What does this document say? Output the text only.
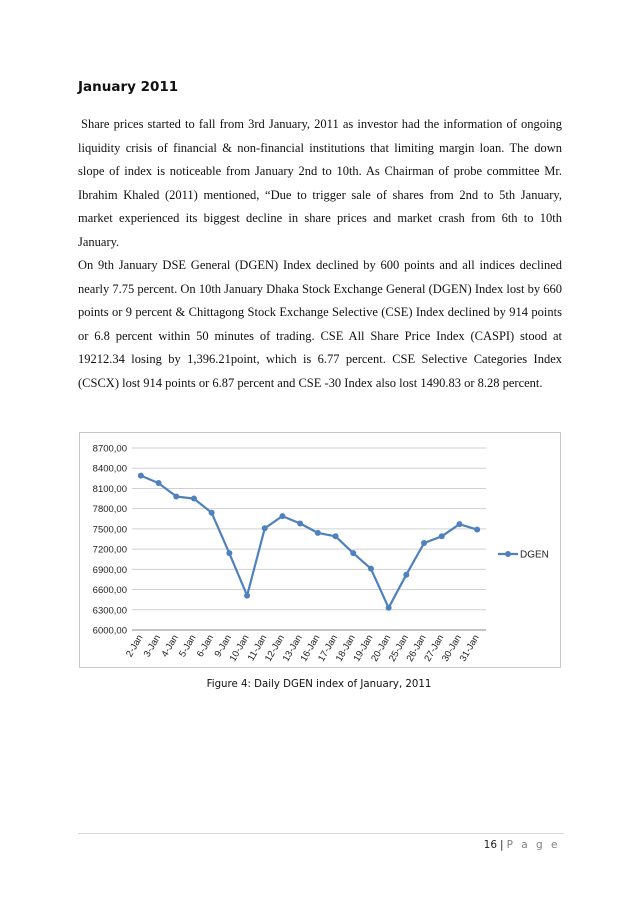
January 2011

Share prices started to fall from 3rd January, 2011 as investor had the information of ongoing liquidity crisis of financial & non-financial institutions that limiting margin loan. The down slope of index is noticeable from January 2nd to 10th. As Chairman of probe committee Mr. Ibrahim Khaled (2011) mentioned, “Due to trigger sale of shares from 2nd to 5th January, market experienced its biggest decline in share prices and market crash from 6th to 10th January.

On 9th January DSE General (DGEN) Index declined by 600 points and all indices declined nearly 7.75 percent. On 10th January Dhaka Stock Exchange General (DGEN) Index lost by 660 points or 9 percent & Chittagong Stock Exchange Selective (CSE) Index declined by 914 points or 6.8 percent within 50 minutes of trading. CSE All Share Price Index (CASPI) stood at 19212.34 losing by 1,396.21point, which is 6.77 percent. CSE Selective Categories Index (CSCX) lost 914 points or 6.87 percent and CSE -30 Index also lost 1490.83 or 8.28 percent.

6000,00
6300,00
6600,00
6900,00
7200,00
7500,00
7800,00
8100,00
8400,00
8700,00
2-Jan
3-Jan
4-Jan
5-Jan
6-Jan
9-Jan
10-Jan
11-Jan
12-Jan
13-Jan
16-Jan
17-Jan
18-Jan
19-Jan
20-Jan
25-Jan
26-Jan
27-Jan
30-Jan
31-Jan
DGEN
Figure 4: Daily DGEN index of January, 2011
16 | P a g e
